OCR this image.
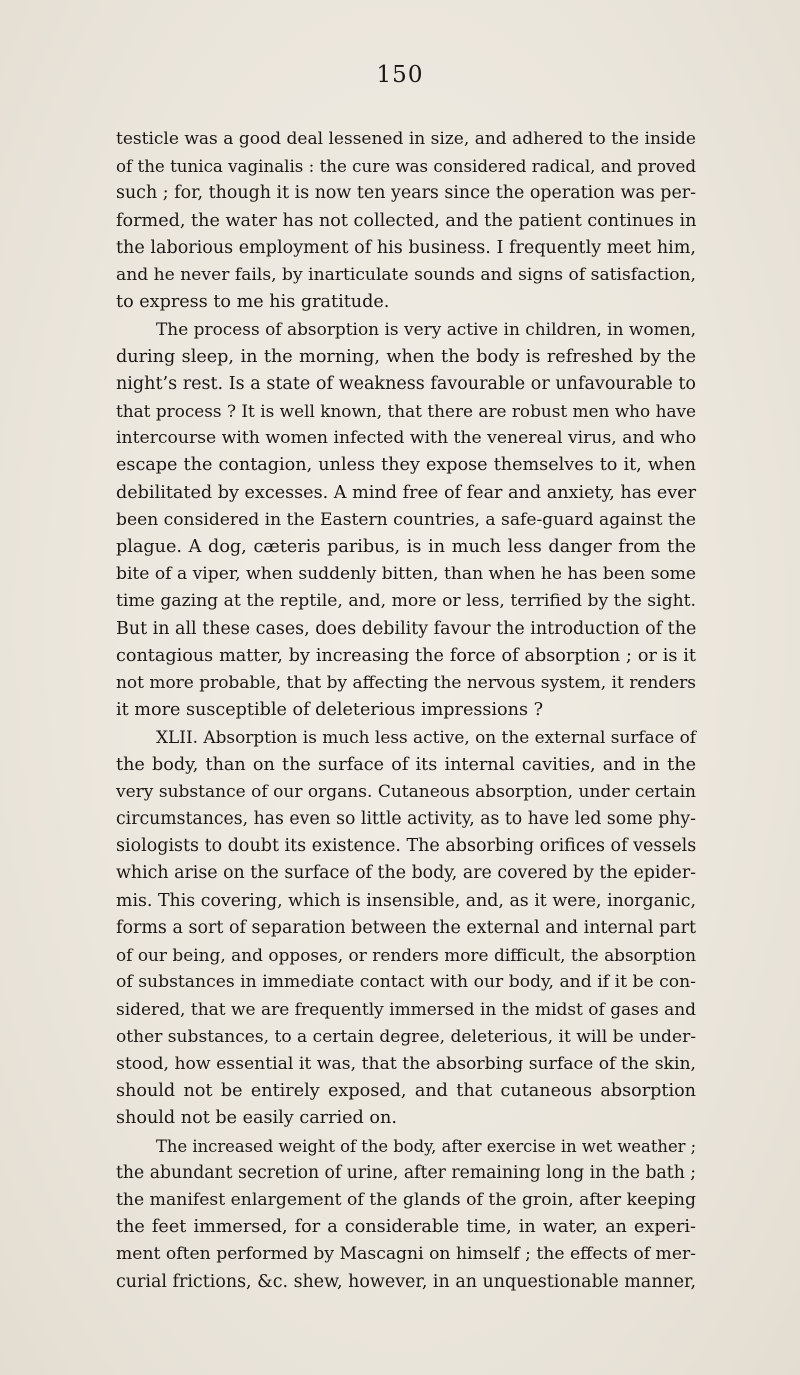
150
testicle was a good deal lessened in size, and adhered to the inside
of the tunica vaginalis : the cure was considered radical, and proved
such ; for, though it is now ten years since the operation was per-
formed, the water has not collected, and the patient continues in
the laborious employment of his business. I frequently meet him,
and he never fails, by inarticulate sounds and signs of satisfaction,
to express to me his gratitude.
The process of absorption is very active in children, in women,
during sleep, in the morning, when the body is refreshed by the
night’s rest. Is a state of weakness favourable or unfavourable to
that process ? It is well known, that there are robust men who have
intercourse with women infected with the venereal virus, and who
escape the contagion, unless they expose themselves to it, when
debilitated by excesses. A mind free of fear and anxiety, has ever
been considered in the Eastern countries, a safe-guard against the
plague. A dog, cæteris paribus, is in much less danger from the
bite of a viper, when suddenly bitten, than when he has been some
time gazing at the reptile, and, more or less, terrified by the sight.
But in all these cases, does debility favour the introduction of the
contagious matter, by increasing the force of absorption ; or is it
not more probable, that by affecting the nervous system, it renders
it more susceptible of deleterious impressions ?
XLII. Absorption is much less active, on the external surface of
the body, than on the surface of its internal cavities, and in the
very substance of our organs. Cutaneous absorption, under certain
circumstances, has even so little activity, as to have led some phy-
siologists to doubt its existence. The absorbing orifices of vessels
which arise on the surface of the body, are covered by the epider-
mis. This covering, which is insensible, and, as it were, inorganic,
forms a sort of separation between the external and internal part
of our being, and opposes, or renders more difficult, the absorption
of substances in immediate contact with our body, and if it be con-
sidered, that we are frequently immersed in the midst of gases and
other substances, to a certain degree, deleterious, it will be under-
stood, how essential it was, that the absorbing surface of the skin,
should not be entirely exposed, and that cutaneous absorption
should not be easily carried on.
The increased weight of the body, after exercise in wet weather ;
the abundant secretion of urine, after remaining long in the bath ;
the manifest enlargement of the glands of the groin, after keeping
the feet immersed, for a considerable time, in water, an experi-
ment often performed by Mascagni on himself ; the effects of mer-
curial frictions, &c. shew, however, in an unquestionable manner,
